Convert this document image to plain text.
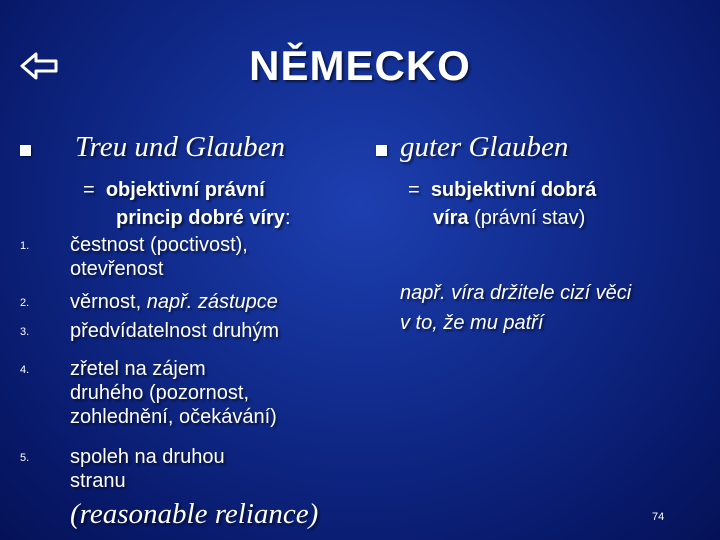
NĚMECKO
Treu und Glauben
= objektivní právní
princip dobré víry:
1. čestnost (poctivost),
otevřenost
2. věrnost, např. zástupce
3. předvídatelnost druhým
4. zřetel na zájem
druhého (pozornost,
zohlednění, očekávání)
5. spoleh na druhou
stranu
(reasonable reliance)
guter Glauben
= subjektivní dobrá
víra (právní stav)
např. víra držitele cizí věci
v to, že mu patří
74
